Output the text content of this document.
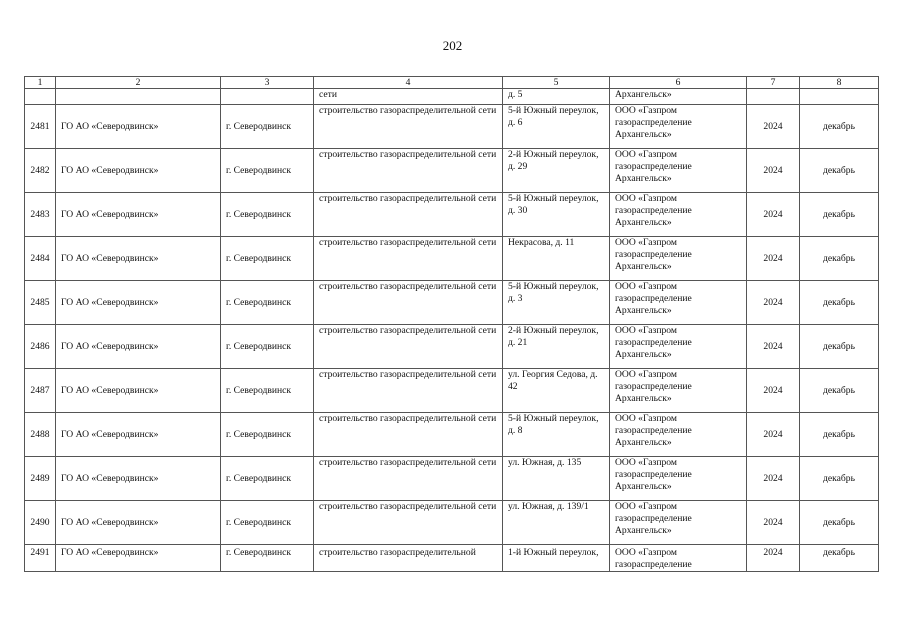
202
1	2	3	4	5	6	7	8
			сети	д. 5	Архангельск»		
2481	ГО АО «Северодвинск»	г. Северодвинск	строительство газораспределительной сети	5-й Южный переулок, д. 6	ООО «Газпром газораспределение Архангельск»	2024	декабрь
2482	ГО АО «Северодвинск»	г. Северодвинск	строительство газораспределительной сети	2-й Южный переулок, д. 29	ООО «Газпром газораспределение Архангельск»	2024	декабрь
2483	ГО АО «Северодвинск»	г. Северодвинск	строительство газораспределительной сети	5-й Южный переулок, д. 30	ООО «Газпром газораспределение Архангельск»	2024	декабрь
2484	ГО АО «Северодвинск»	г. Северодвинск	строительство газораспределительной сети	Некрасова, д. 11	ООО «Газпром газораспределение Архангельск»	2024	декабрь
2485	ГО АО «Северодвинск»	г. Северодвинск	строительство газораспределительной сети	5-й Южный переулок, д. 3	ООО «Газпром газораспределение Архангельск»	2024	декабрь
2486	ГО АО «Северодвинск»	г. Северодвинск	строительство газораспределительной сети	2-й Южный переулок, д. 21	ООО «Газпром газораспределение Архангельск»	2024	декабрь
2487	ГО АО «Северодвинск»	г. Северодвинск	строительство газораспределительной сети	ул. Георгия Седова, д. 42	ООО «Газпром газораспределение Архангельск»	2024	декабрь
2488	ГО АО «Северодвинск»	г. Северодвинск	строительство газораспределительной сети	5-й Южный переулок, д. 8	ООО «Газпром газораспределение Архангельск»	2024	декабрь
2489	ГО АО «Северодвинск»	г. Северодвинск	строительство газораспределительной сети	ул. Южная, д. 135	ООО «Газпром газораспределение Архангельск»	2024	декабрь
2490	ГО АО «Северодвинск»	г. Северодвинск	строительство газораспределительной сети	ул. Южная, д. 139/1	ООО «Газпром газораспределение Архангельск»	2024	декабрь
2491	ГО АО «Северодвинск»	г. Северодвинск	строительство газораспределительной	1-й Южный переулок,	ООО «Газпром газораспределение	2024	декабрь
